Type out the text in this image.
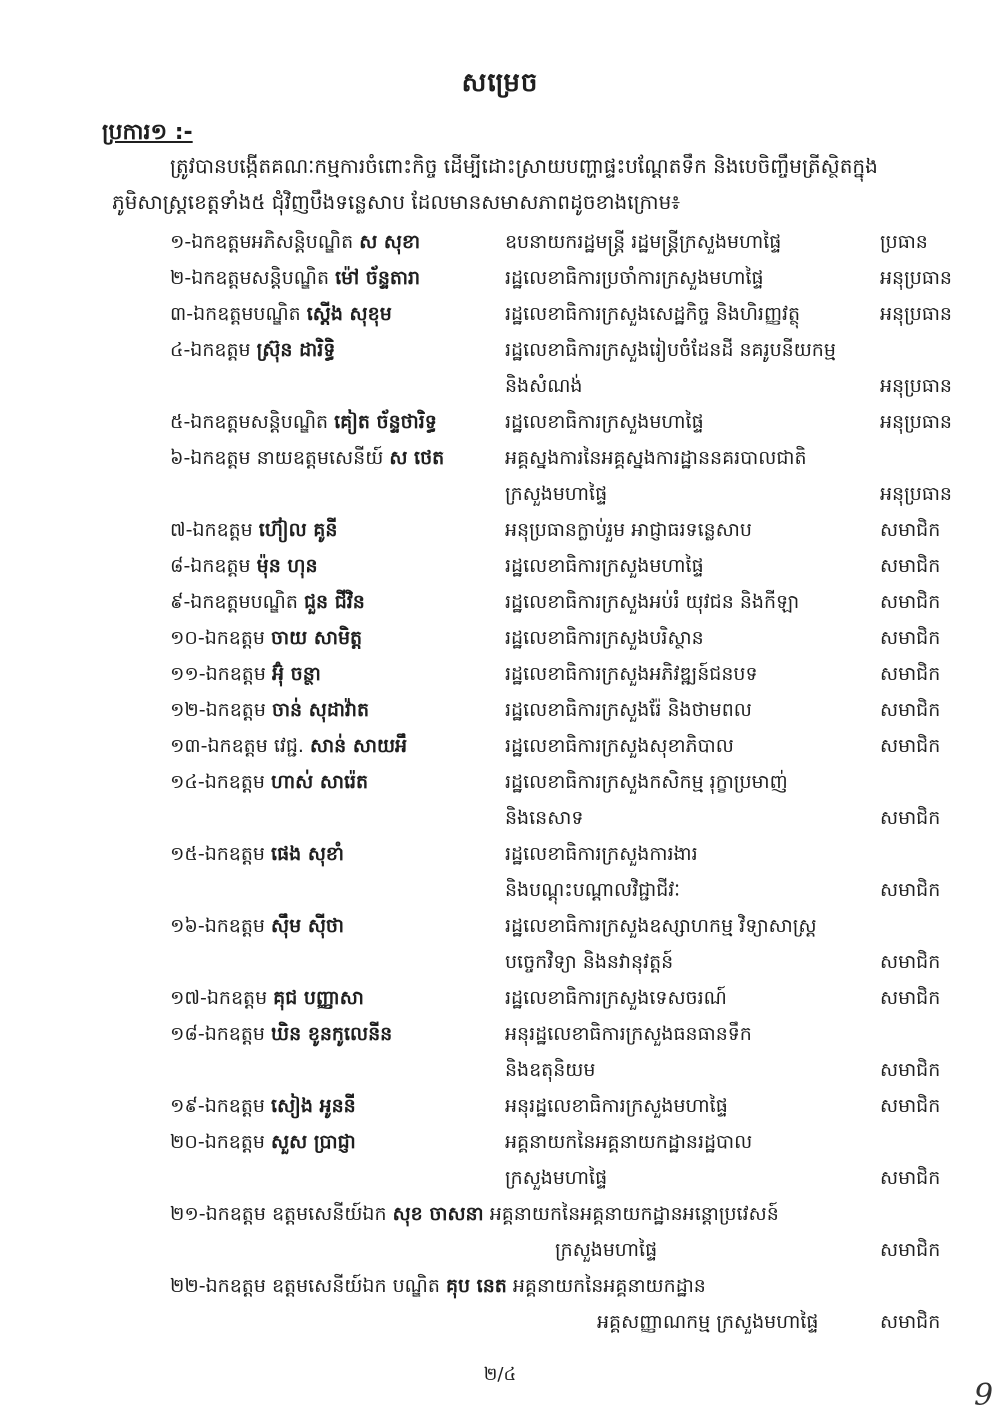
សម្រេច
ប្រការ១ :-
ត្រូវបានបង្កើតគណៈកម្មការចំពោះកិច្ច ដើម្បីដោះស្រាយបញ្ហាផ្ទះបណ្តែតទឹក និងបេចិញ្ចឹមត្រីស្ថិតក្នុង
ភូមិសាស្ត្រខេត្តទាំង៥ ជុំវិញបឹងទន្លេសាប ដែលមានសមាសភាពដូចខាងក្រោម៖
១-ឯកឧត្តមអភិសន្តិបណ្ឌិត ស សុខា	ឧបនាយករដ្ឋមន្ត្រី រដ្ឋមន្ត្រីក្រសួងមហាផ្ទៃ	ប្រធាន
២-ឯកឧត្តមសន្តិបណ្ឌិត ម៉ៅ ច័ន្ទតារា	រដ្ឋលេខាធិការប្រចាំការក្រសួងមហាផ្ទៃ	អនុប្រធាន
៣-ឯកឧត្តមបណ្ឌិត ស្តើង សុខុម	រដ្ឋលេខាធិការក្រសួងសេដ្ឋកិច្ច និងហិរញ្ញវត្ថុ	អនុប្រធាន
៤-ឯកឧត្តម ស្រ៊ុន ដារិទ្ធិ	រដ្ឋលេខាធិការក្រសួងរៀបចំដែនដី នគរូបនីយកម្ម
និងសំណង់	អនុប្រធាន
៥-ឯកឧត្តមសន្តិបណ្ឌិត គៀត ច័ន្ទថារិទ្ធ	រដ្ឋលេខាធិការក្រសួងមហាផ្ទៃ	អនុប្រធាន
៦-ឯកឧត្តម នាយឧត្តមសេនីយ៍ ស ថេត	អគ្គស្នងការនៃអគ្គស្នងការដ្ឋាននគរបាលជាតិ
ក្រសួងមហាផ្ទៃ	អនុប្រធាន
៧-ឯកឧត្តម ហ៊ៀល គូនី	អនុប្រធានក្លាប់រួម អាជ្ញាធរទន្លេសាប	សមាជិក
៨-ឯកឧត្តម ម៉ុន ហុន	រដ្ឋលេខាធិការក្រសួងមហាផ្ទៃ	សមាជិក
៩-ឯកឧត្តមបណ្ឌិត ជួន ជីវិន	រដ្ឋលេខាធិការក្រសួងអប់រំ យុវជន និងកីឡា	សមាជិក
១០-ឯកឧត្តម ចាយ សាមិត្ត	រដ្ឋលេខាធិការក្រសួងបរិស្ថាន	សមាជិក
១១-ឯកឧត្តម អ៊ុំ ចន្ថា	រដ្ឋលេខាធិការក្រសួងអភិវឌ្ឍន៍ជនបទ	សមាជិក
១២-ឯកឧត្តម ចាន់ សុដាវ៉ាត	រដ្ឋលេខាធិការក្រសួងរ៉ែ និងថាមពល	សមាជិក
១៣-ឯកឧត្តម វេជ្ជ. សាន់ សាយអឹ	រដ្ឋលេខាធិការក្រសួងសុខាភិបាល	សមាជិក
១៤-ឯកឧត្តម ហាស់ សារ៉េត	រដ្ឋលេខាធិការក្រសួងកសិកម្ម រុក្ខាប្រមាញ់
និងនេសាទ	សមាជិក
១៥-ឯកឧត្តម ផេង សុខាំ	រដ្ឋលេខាធិការក្រសួងការងារ
និងបណ្តុះបណ្តាលវិជ្ជាជីវៈ	សមាជិក
១៦-ឯកឧត្តម ស៊ឹម ស៊ីថា	រដ្ឋលេខាធិការក្រសួងឧស្សាហកម្ម វិទ្យាសាស្ត្រ
បច្ចេកវិទ្យា និងនវានុវត្តន៍	សមាជិក
១៧-ឯកឧត្តម គុជ បញ្ញាសា	រដ្ឋលេខាធិការក្រសួងទេសចរណ៍	សមាជិក
១៨-ឯកឧត្តម ឃិន ខូនកូលេនីន	អនុរដ្ឋលេខាធិការក្រសួងធនធានទឹក
និងឧតុនិយម	សមាជិក
១៩-ឯកឧត្តម សៀង អូននី	អនុរដ្ឋលេខាធិការក្រសួងមហាផ្ទៃ	សមាជិក
២០-ឯកឧត្តម សួស ប្រាជ្ញា	អគ្គនាយកនៃអគ្គនាយកដ្ឋានរដ្ឋបាល
ក្រសួងមហាផ្ទៃ	សមាជិក
២១-ឯកឧត្តម ឧត្តមសេនីយ៍ឯក សុខ ចាសនា អគ្គនាយកនៃអគ្គនាយកដ្ឋានអន្តោប្រវេសន៍
ក្រសួងមហាផ្ទៃ	សមាជិក
២២-ឯកឧត្តម ឧត្តមសេនីយ៍ឯក បណ្ឌិត គុប នេត អគ្គនាយកនៃអគ្គនាយកដ្ឋាន
អគ្គសញ្ញាណកម្ម ក្រសួងមហាផ្ទៃ	សមាជិក
២/៤
9
